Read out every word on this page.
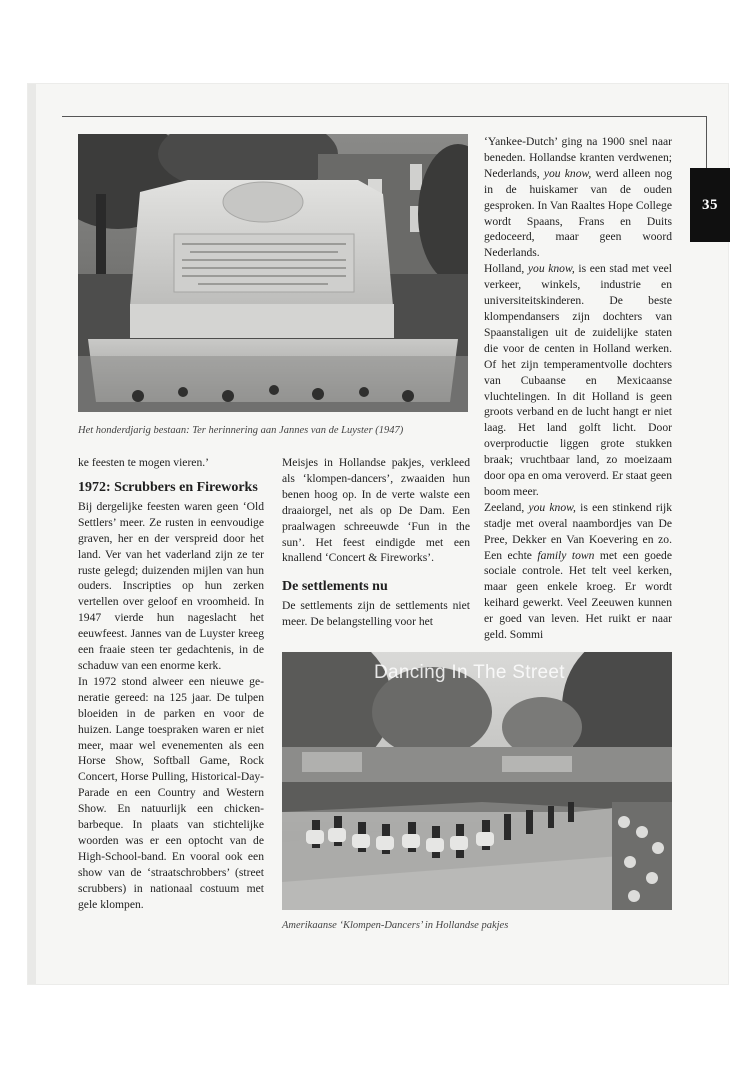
35
Het honderdjarig bestaan: Ter herinnering aan Jannes van de Luyster (1947)

ke feesten te mogen vieren.’

1972: Scrubbers en Fireworks

Bij dergelijke feesten waren geen ‘Old Settlers’ meer. Ze rusten in eenvoudige graven, her en der verspreid door het land. Ver van het vaderland zijn ze ter ruste gelegd; duizenden mijlen van hun ouders. Inscripties op hun zerken vertellen over geloof en vroomheid. In 1947 vierde hun nageslacht het eeuwfeest. Jannes van de Luyster kreeg een fraaie steen ter gedachtenis, in de schaduw van een enorme kerk.

In 1972 stond alweer een nieuwe generatie gereed: na 125 jaar. De tulpen bloeiden in de parken en voor de huizen. Lange toespraken waren er niet meer, maar wel evenementen als een Horse Show, Softball Game, Rock Concert, Horse Pulling, Historical-Day-Parade en een Country and Western Show. En natuurlijk een chicken-barbeque. In plaats van stichtelijke woorden was er een optocht van de High-School-band. En vooral ook een show van de ‘straatschrobbers’ (street scrubbers) in nationaal costuum met gele klompen.

Meisjes in Hollandse pakjes, verkleed als ‘klompen-dancers’, zwaaiden hun benen hoog op. In de verte walste een draaiorgel, net als op De Dam. Een praalwagen schreeuwde ‘Fun in the sun’. Het feest eindigde met een knallend ‘Concert & Fireworks’.

De settlements nu

De settlements zijn de settlements niet meer. De belangstelling voor het

‘Yankee-Dutch’ ging na 1900 snel naar beneden. Hollandse kranten verdwenen; Nederlands, you know, werd alleen nog in de huiskamer van de ouden gesproken. In Van Raaltes Hope College wordt Spaans, Frans en Duits gedoceerd, maar geen woord Nederlands.

Holland, you know, is een stad met veel verkeer, winkels, industrie en universiteitskinderen. De beste klompendansers zijn dochters van Spaanstaligen uit de zuidelijke staten die voor de centen in Holland werken. Of het zijn temperamentvolle dochters van Cubaanse en Mexicaanse vluchtelingen. In dit Holland is geen groots verband en de lucht hangt er niet laag. Het land golft licht. Door overproductie liggen grote stukken braak; vruchtbaar land, zo moeizaam door opa en oma veroverd. Er staat geen boom meer.

Zeeland, you know, is een stinkend rijk stadje met overal naambordjes van De Pree, Dekker en Van Koevering en zo. Een echte family town met een goede sociale controle. Het telt veel kerken, maar geen enkele kroeg. Er wordt keihard gewerkt. Veel Zeeuwen kunnen er goed van leven. Het ruikt er naar geld. Sommi

Dancing In The Street
Amerikaanse ‘Klompen-Dancers’ in Hollandse pakjes
